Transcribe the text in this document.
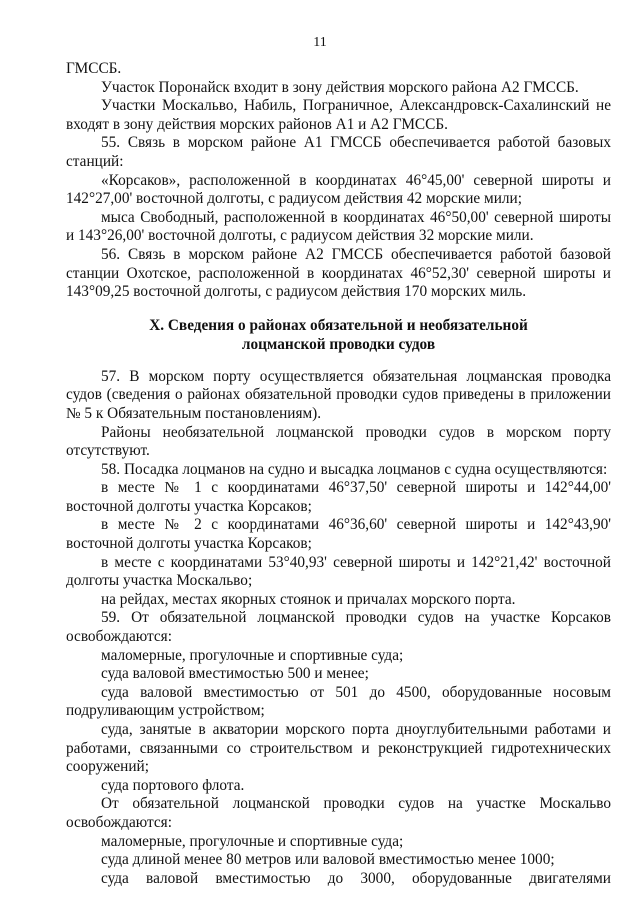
11

ГМССБ.

Участок Поронайск входит в зону действия морского района А2 ГМССБ.

Участки Москальво, Набиль, Пограничное, Александровск-Сахалинский не входят в зону действия морских районов А1 и А2 ГМССБ.

55. Связь в морском районе А1 ГМССБ обеспечивается работой базовых станций:

«Корсаков», расположенной в координатах 46°45,00' северной широты и 142°27,00' восточной долготы, с радиусом действия 42 морские мили;

мыса Свободный, расположенной в координатах 46°50,00' северной широты и 143°26,00' восточной долготы, с радиусом действия 32 морские мили.

56. Связь в морском районе А2 ГМССБ обеспечивается работой базовой станции Охотское, расположенной в координатах 46°52,30' северной широты и 143°09,25 восточной долготы, с радиусом действия 170 морских миль.

X. Сведения о районах обязательной и необязательной
лоцманской проводки судов

57. В морском порту осуществляется обязательная лоцманская проводка судов (сведения о районах обязательной проводки судов приведены в приложении № 5 к Обязательным постановлениям).

Районы необязательной лоцманской проводки судов в морском порту отсутствуют.

58. Посадка лоцманов на судно и высадка лоцманов с судна осуществляются:

в месте № 1 с координатами 46°37,50' северной широты и 142°44,00' восточной долготы участка Корсаков;

в месте № 2 с координатами 46°36,60' северной широты и 142°43,90' восточной долготы участка Корсаков;

в месте с координатами 53°40,93' северной широты и 142°21,42' восточной долготы участка Москальво;

на рейдах, местах якорных стоянок и причалах морского порта.

59. От обязательной лоцманской проводки судов на участке Корсаков освобождаются:

маломерные, прогулочные и спортивные суда;

суда валовой вместимостью 500 и менее;

суда валовой вместимостью от 501 до 4500, оборудованные носовым подруливающим устройством;

суда, занятые в акватории морского порта дноуглубительными работами и работами, связанными со строительством и реконструкцией гидротехнических сооружений;

суда портового флота.

От обязательной лоцманской проводки судов на участке Москальво освобождаются:

маломерные, прогулочные и спортивные суда;

суда длиной менее 80 метров или валовой вместимостью менее 1000;

суда валовой вместимостью до 3000, оборудованные двигателями
